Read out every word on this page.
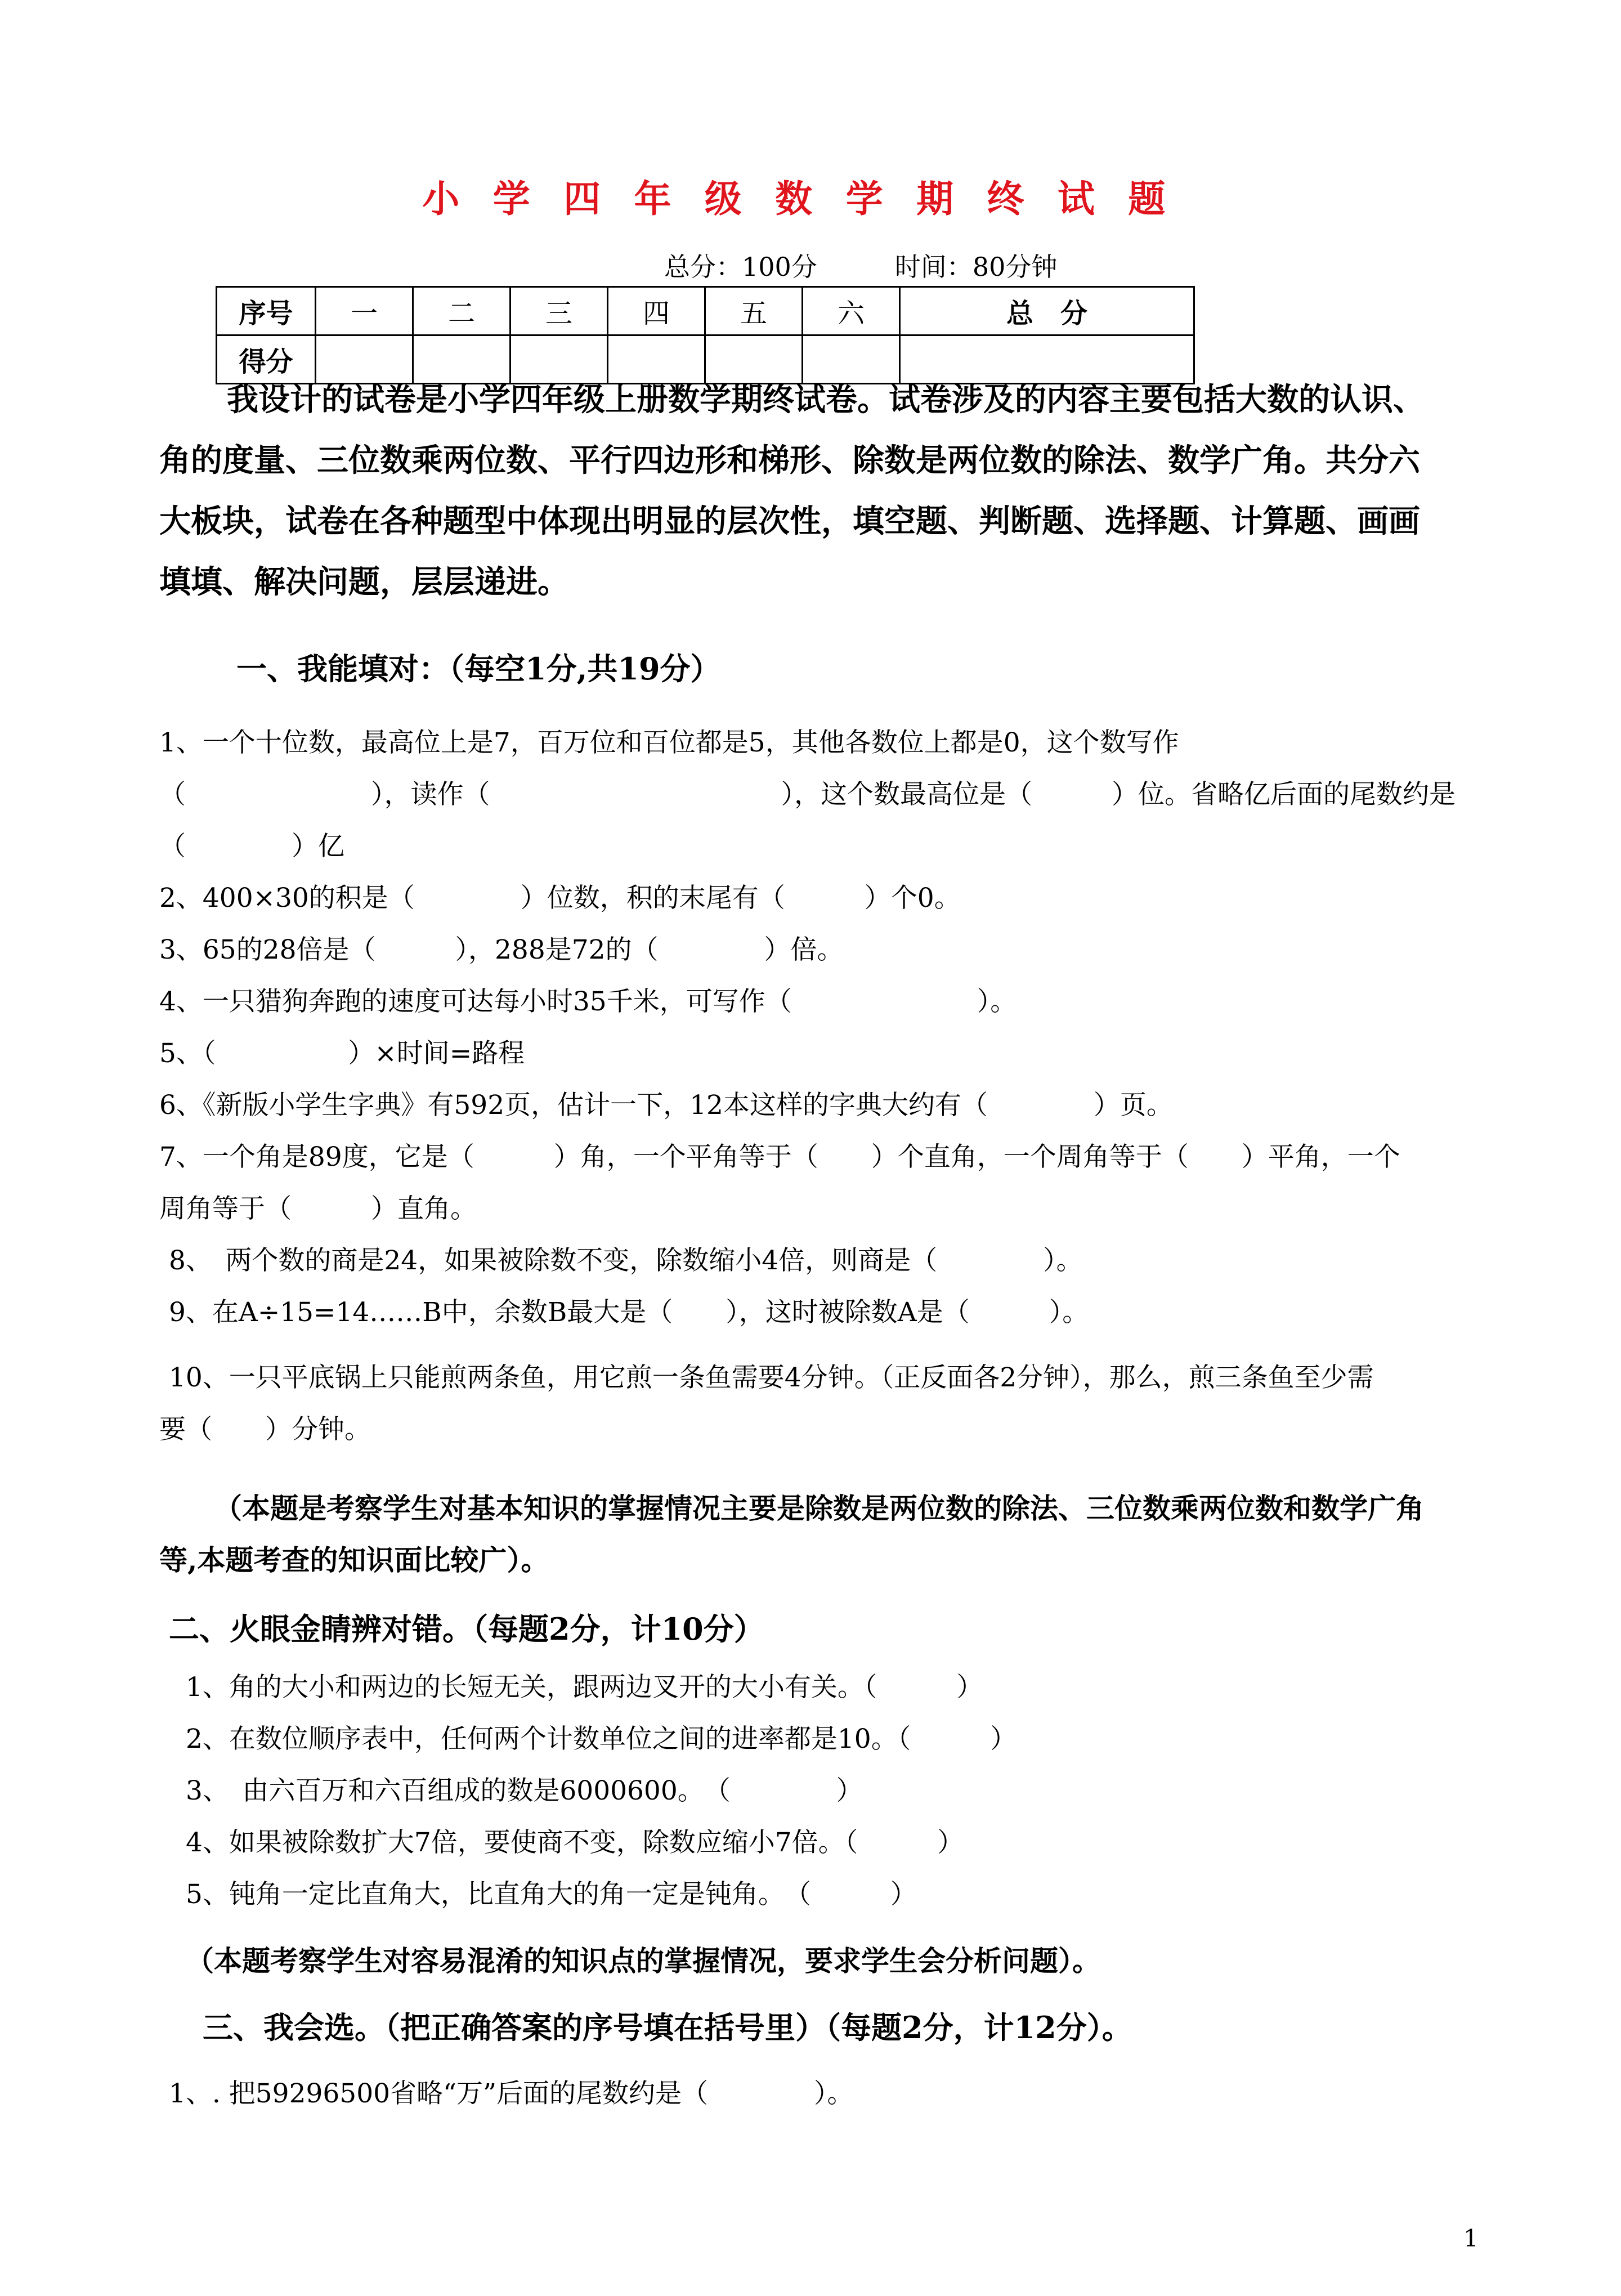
小学四年级数学期终试题
总分：100分　　　	时间：80分钟
序号	一	二	三	四	五	六	总　分
得分							
我设计的试卷是小学四年级上册数学期终试卷。试卷涉及的内容主要包括大数的认识、
角的度量、三位数乘两位数、平行四边形和梯形、除数是两位数的除法、数学广角。共分六
大板块，试卷在各种题型中体现出明显的层次性，填空题、判断题、选择题、计算题、画画
填填、解决问题，层层递进。
一、我能填对：（每空1分,共19分）
1、一个十位数，最高位上是7，百万位和百位都是5，其他各数位上都是0，这个数写作
（　　　　　　　），读作（　　　　　　　　　　　），这个数最高位是（　　　）位。省略亿后面的尾数约是
（　　　　）亿
2、400×30的积是（　　　　）位数，积的末尾有（　　　）个0。
3、65的28倍是（　　　），288是72的（　　　　）倍。
4、一只猎狗奔跑的速度可达每小时35千米，可写作（　　　　　　　）。
5、（　　　　　）×时间=路程
6、《新版小学生字典》有592页，估计一下，12本这样的字典大约有（　　　　）页。
7、一个角是89度，它是（　　　）角，一个平角等于（　　）个直角，一个周角等于（　　）平角，一个
周角等于（　　　）直角。
8、　两个数的商是24，如果被除数不变，除数缩小4倍，则商是（　　　　）。
9、在A÷15=14……B中，余数B最大是（　　），这时被除数A是（　　　）。
10、一只平底锅上只能煎两条鱼，用它煎一条鱼需要4分钟。（正反面各2分钟），那么，煎三条鱼至少需
要（　　）分钟。
（本题是考察学生对基本知识的掌握情况主要是除数是两位数的除法、三位数乘两位数和数学广角
等,本题考查的知识面比较广）。
二、火眼金睛辨对错。（每题2分，计10分）
1、角的大小和两边的长短无关，跟两边叉开的大小有关。（　　　）
2、在数位顺序表中，任何两个计数单位之间的进率都是10。（　　　）
3、　由六百万和六百组成的数是6000600。　（　　　　）
4、如果被除数扩大7倍，要使商不变，除数应缩小7倍。（　　　）
5、钝角一定比直角大，比直角大的角一定是钝角。　（　　　）
（本题考察学生对容易混淆的知识点的掌握情况，要求学生会分析问题）。
三、我会选。（把正确答案的序号填在括号里）（每题2分，计12分）。
1、. 把59296500省略“万”后面的尾数约是（　　　　）。
1
